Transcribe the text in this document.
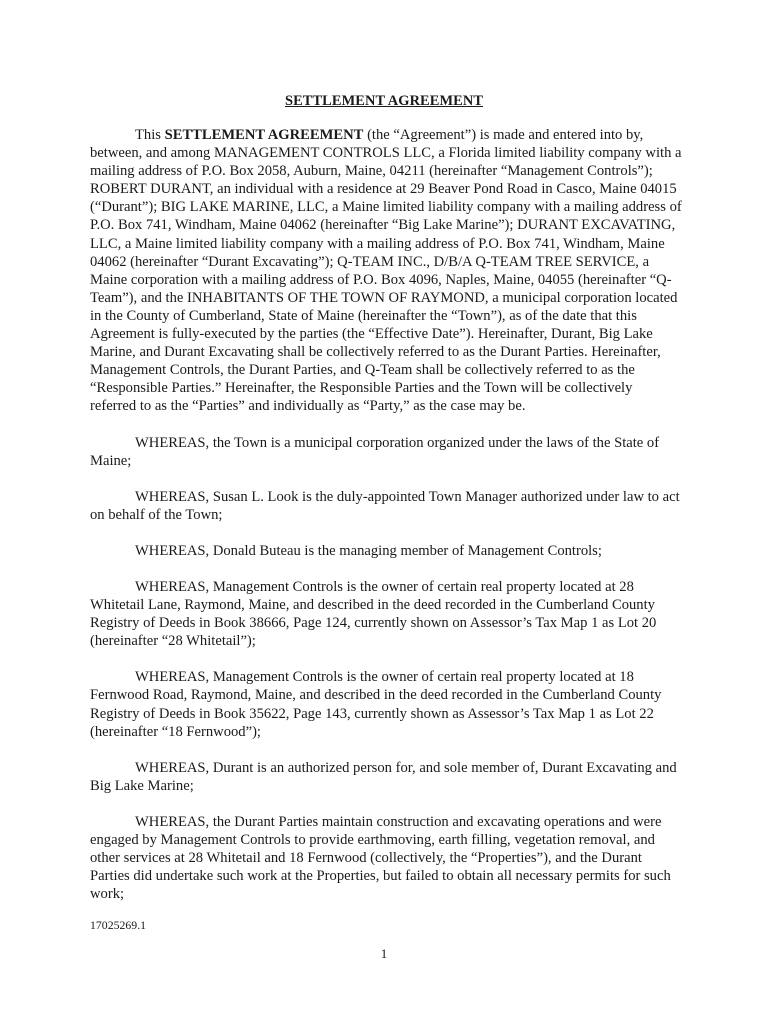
SETTLEMENT AGREEMENT

This SETTLEMENT AGREEMENT (the “Agreement”) is made and entered into by, between, and among MANAGEMENT CONTROLS LLC, a Florida limited liability company with a mailing address of P.O. Box 2058, Auburn, Maine, 04211 (hereinafter “Management Controls”); ROBERT DURANT, an individual with a residence at 29 Beaver Pond Road in Casco, Maine 04015 (“Durant”); BIG LAKE MARINE, LLC, a Maine limited liability company with a mailing address of P.O. Box 741, Windham, Maine 04062 (hereinafter “Big Lake Marine”); DURANT EXCAVATING, LLC, a Maine limited liability company with a mailing address of P.O. Box 741, Windham, Maine 04062 (hereinafter “Durant Excavating”); Q-TEAM INC., D/B/A Q-TEAM TREE SERVICE, a Maine corporation with a mailing address of P.O. Box 4096, Naples, Maine, 04055 (hereinafter “Q-Team”), and the INHABITANTS OF THE TOWN OF RAYMOND, a municipal corporation located in the County of Cumberland, State of Maine (hereinafter the “Town”), as of the date that this Agreement is fully-executed by the parties (the “Effective Date”). Hereinafter, Durant, Big Lake Marine, and Durant Excavating shall be collectively referred to as the Durant Parties. Hereinafter, Management Controls, the Durant Parties, and Q-Team shall be collectively referred to as the “Responsible Parties.” Hereinafter, the Responsible Parties and the Town will be collectively referred to as the “Parties” and individually as “Party,” as the case may be.

WHEREAS, the Town is a municipal corporation organized under the laws of the State of Maine;

WHEREAS, Susan L. Look is the duly-appointed Town Manager authorized under law to act on behalf of the Town;

WHEREAS, Donald Buteau is the managing member of Management Controls;

WHEREAS, Management Controls is the owner of certain real property located at 28 Whitetail Lane, Raymond, Maine, and described in the deed recorded in the Cumberland County Registry of Deeds in Book 38666, Page 124, currently shown on Assessor’s Tax Map 1 as Lot 20 (hereinafter “28 Whitetail”);

WHEREAS, Management Controls is the owner of certain real property located at 18 Fernwood Road, Raymond, Maine, and described in the deed recorded in the Cumberland County Registry of Deeds in Book 35622, Page 143, currently shown as Assessor’s Tax Map 1 as Lot 22 (hereinafter “18 Fernwood”);

WHEREAS, Durant is an authorized person for, and sole member of, Durant Excavating and Big Lake Marine;

WHEREAS, the Durant Parties maintain construction and excavating operations and were engaged by Management Controls to provide earthmoving, earth filling, vegetation removal, and other services at 28 Whitetail and 18 Fernwood (collectively, the “Properties”), and the Durant Parties did undertake such work at the Properties, but failed to obtain all necessary permits for such work;

17025269.1
1
